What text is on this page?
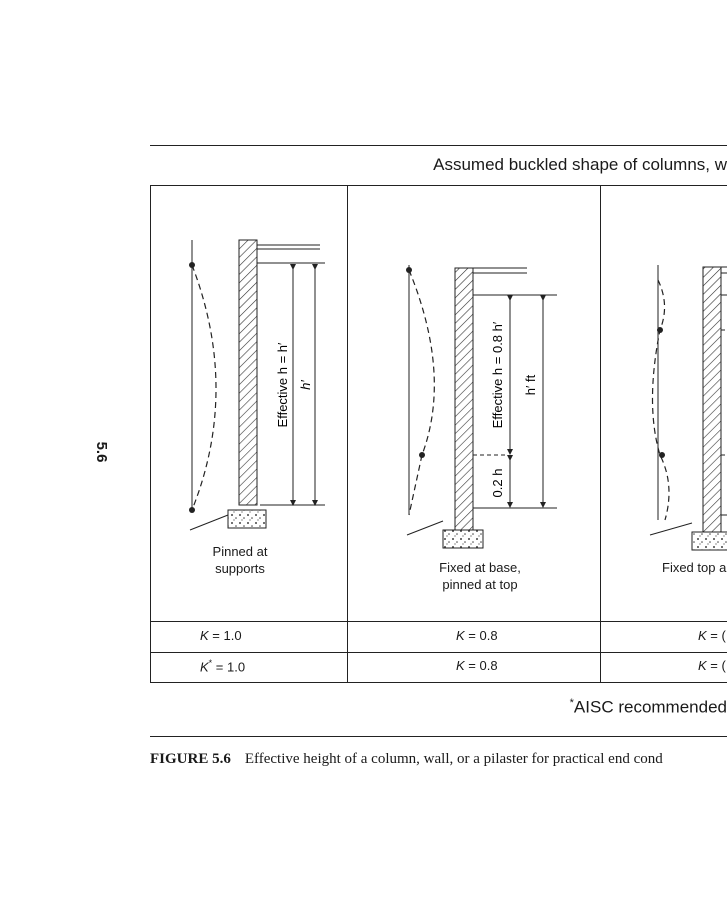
5.6
Assumed buckled shape of columns, w
Effective h = h′ h′	Effective h = 0.8 h′
0.2 h
h′ ft
Pinned at
supports	Fixed at base,
pinned at top
Fixed top a
K = 1.0
K* = 1.0
K = 0.8
K = 0.8
K = (
K = (
*AISC recommended
FIGURE 5.6 Effective height of a column, wall, or a pilaster for practical end cond
